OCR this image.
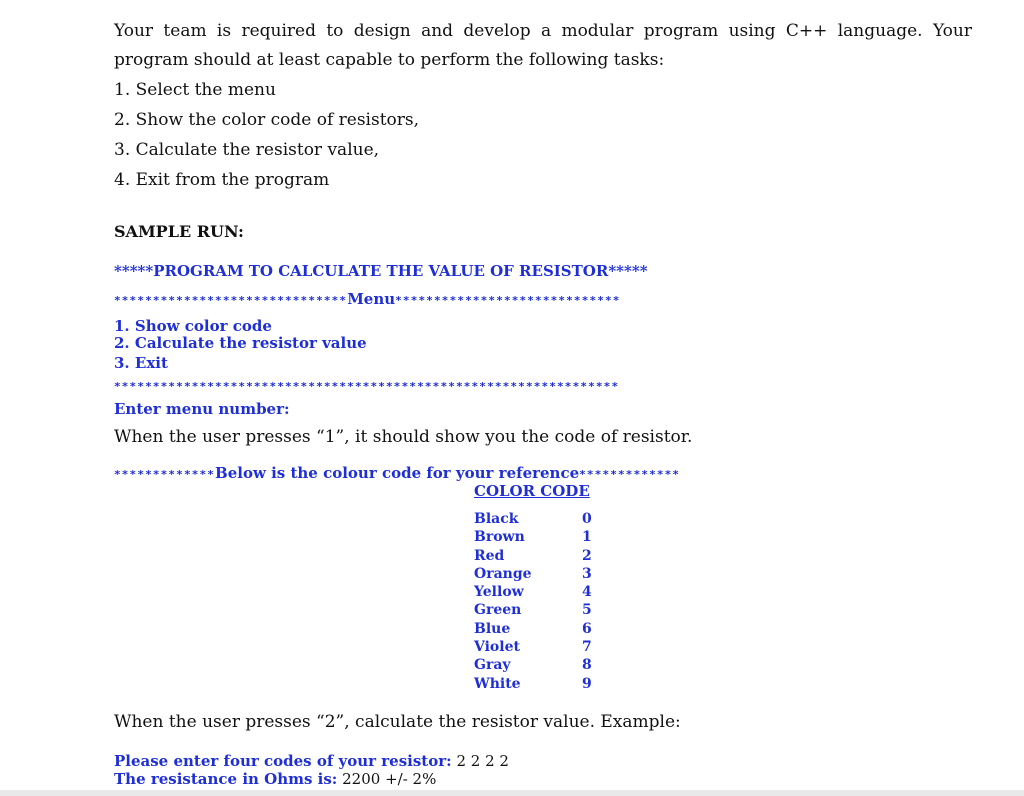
Your team is required to design and develop a modular program using C++ language. Your program should at least capable to perform the following tasks:
1. Select the menu
2. Show the color code of resistors,
3. Calculate the resistor value,
4. Exit from the program
SAMPLE RUN:
*****PROGRAM TO CALCULATE THE VALUE OF RESISTOR*****
****************************** Menu *****************************
1. Show color code
2. Calculate the resistor value
3. Exit
*****************************************************************
Enter menu number:
When the user presses “1”, it should show you the code of resistor.
************* Below is the colour code for your reference *************
COLOR CODE
Black	0
Brown	1
Red	2
Orange	3
Yellow	4
Green	5
Blue	6
Violet	7
Gray	8
White	9
When the user presses “2”, calculate the resistor value. Example:
Please enter four codes of your resistor: 2 2 2 2
The resistance in Ohms is: 2200 +/- 2%
